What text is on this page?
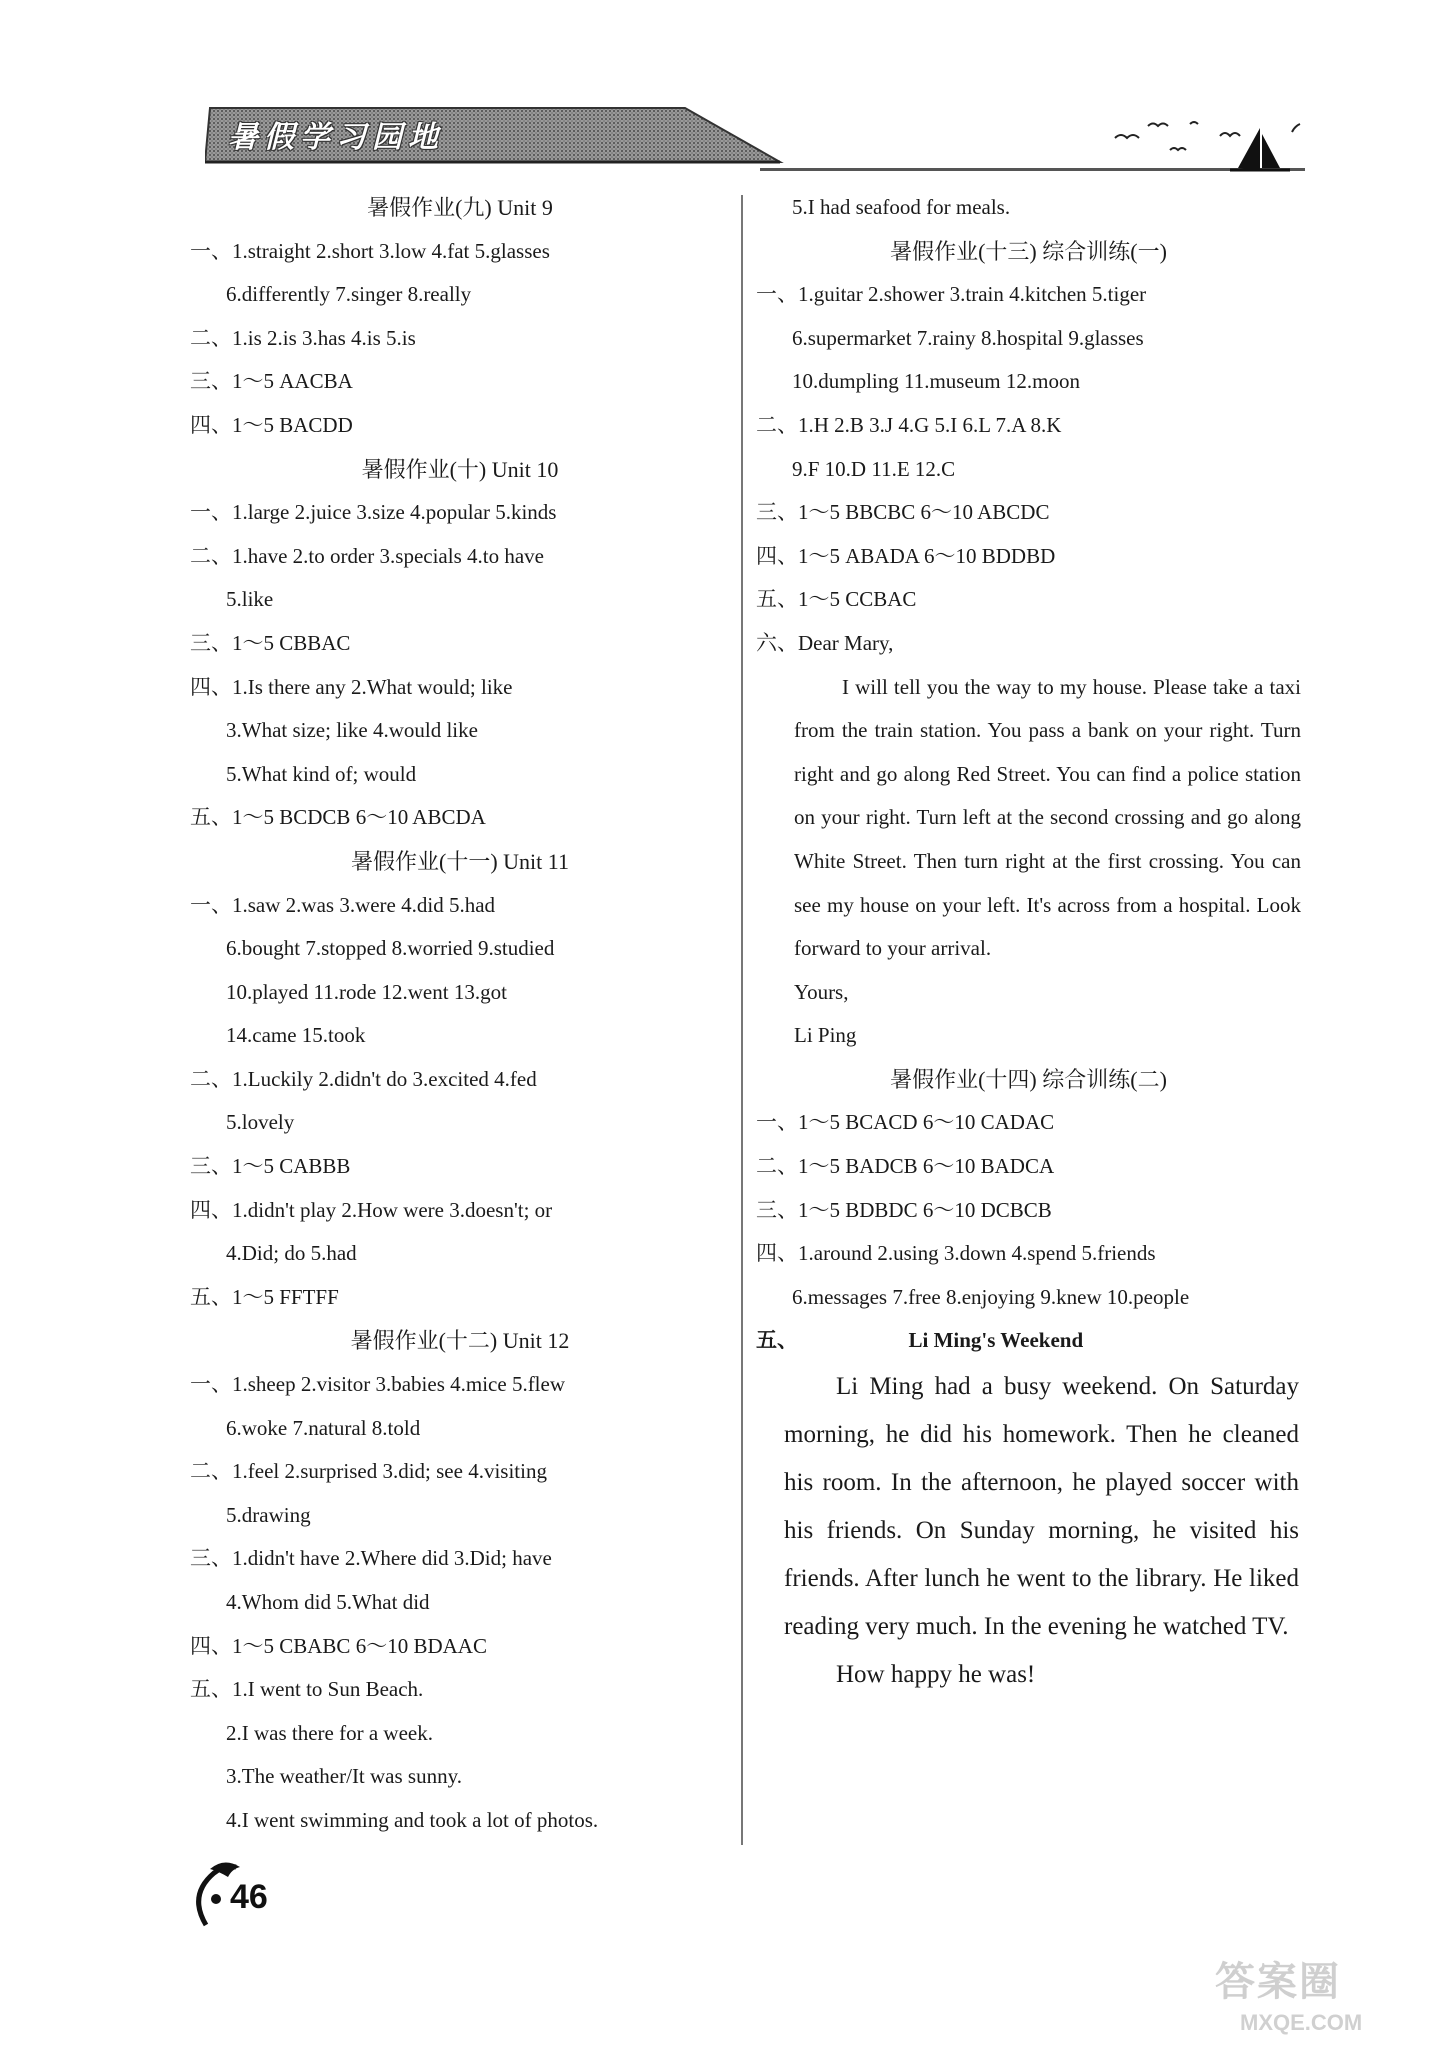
暑假学习园地
暑假作业(九) Unit 9
一、1.straight 2.short 3.low 4.fat 5.glasses
6.differently 7.singer 8.really
二、1.is 2.is 3.has 4.is 5.is
三、1～5 AACBA
四、1～5 BACDD
暑假作业(十) Unit 10
一、1.large 2.juice 3.size 4.popular 5.kinds
二、1.have 2.to order 3.specials 4.to have
5.like
三、1～5 CBBAC
四、1.Is there any 2.What would; like
3.What size; like 4.would like
5.What kind of; would
五、1～5 BCDCB 6～10 ABCDA
暑假作业(十一) Unit 11
一、1.saw 2.was 3.were 4.did 5.had
6.bought 7.stopped 8.worried 9.studied
10.played 11.rode 12.went 13.got
14.came 15.took
二、1.Luckily 2.didn't do 3.excited 4.fed
5.lovely
三、1～5 CABBB
四、1.didn't play 2.How were 3.doesn't; or
4.Did; do 5.had
五、1～5 FFTFF
暑假作业(十二) Unit 12
一、1.sheep 2.visitor 3.babies 4.mice 5.flew
6.woke 7.natural 8.told
二、1.feel 2.surprised 3.did; see 4.visiting
5.drawing
三、1.didn't have 2.Where did 3.Did; have
4.Whom did 5.What did
四、1～5 CBABC 6～10 BDAAC
五、1.I went to Sun Beach.
2.I was there for a week.
3.The weather/It was sunny.
4.I went swimming and took a lot of photos.
5.I had seafood for meals.
暑假作业(十三) 综合训练(一)
一、1.guitar 2.shower 3.train 4.kitchen 5.tiger
6.supermarket 7.rainy 8.hospital 9.glasses
10.dumpling 11.museum 12.moon
二、1.H 2.B 3.J 4.G 5.I 6.L 7.A 8.K
9.F 10.D 11.E 12.C
三、1～5 BBCBC 6～10 ABCDC
四、1～5 ABADA 6～10 BDDBD
五、1～5 CCBAC
六、Dear Mary,
I will tell you the way to my house. Please take a taxi from the train station. You pass a bank on your right. Turn right and go along Red Street. You can find a police station on your right. Turn left at the second crossing and go along White Street. Then turn right at the first crossing. You can see my house on your left. It's across from a hospital. Look forward to your arrival.
Yours,
Li Ping
暑假作业(十四) 综合训练(二)
一、1～5 BCACD 6～10 CADAC
二、1～5 BADCB 6～10 BADCA
三、1～5 BDBDC 6～10 DCBCB
四、1.around 2.using 3.down 4.spend 5.friends
6.messages 7.free 8.enjoying 9.knew 10.people
五、	Li Ming's Weekend
Li Ming had a busy weekend. On Saturday morning, he did his homework. Then he cleaned his room. In the afternoon, he played soccer with his friends. On Sunday morning, he visited his friends. After lunch he went to the library. He liked reading very much. In the evening he watched TV.
How happy he was!
46
答案圈
MXQE.COM
